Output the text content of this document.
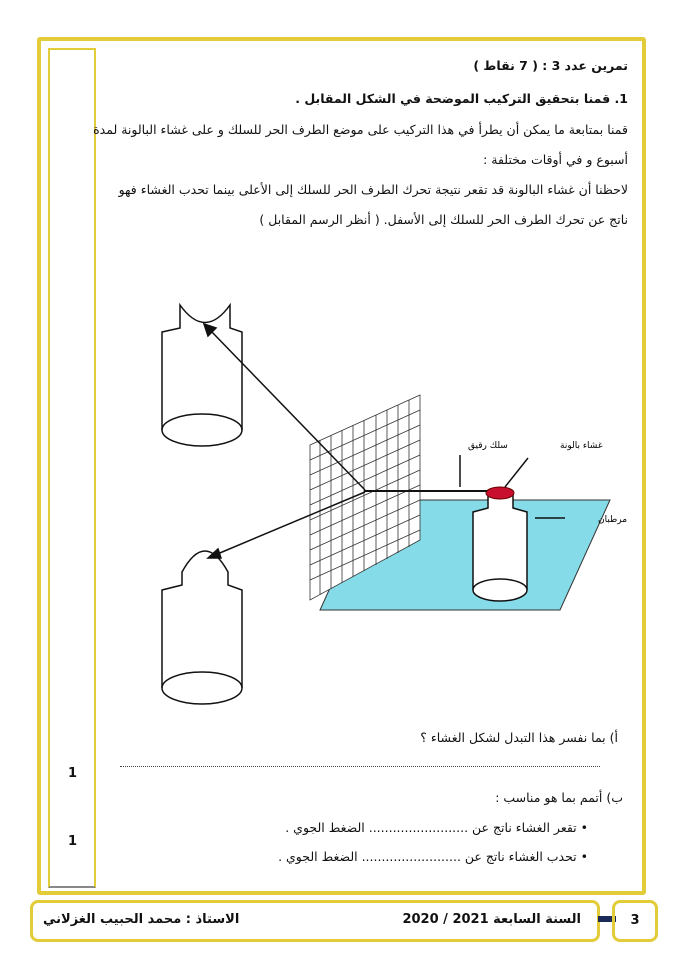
1
1
تمرين عدد 3 : ( 7 نقاط )
1. قمنا بتحقيق التركيب الموضحة في الشكل المقابل .
قمنا بمتابعة ما يمكن أن يطرأ في هذا التركيب على موضع الطرف الحر للسلك و على غشاء البالونة لمدة
أسبوع و في أوقات مختلفة :
لاحظنا أن غشاء البالونة قد تقعر نتيجة تحرك الطرف الحر للسلك إلى الأعلى بينما تحدب الغشاء فهو
ناتج عن تحرك الطرف الحر للسلك إلى الأسفل. ( أنظر الرسم المقابل )
سلك رقيق	غشاء بالونة
مرطبان
أ) بما نفسر هذا التبدل لشكل الغشاء ؟
ب) أتمم بما هو مناسب :
• تقعر الغشاء ناتج عن ......................... الضغط الجوي .
• تحدب الغشاء ناتج عن ......................... الضغط الجوي .
السنة السابعة 2021 / 2020
الاستاذ : محمد الحبيب الغزلاني	3
